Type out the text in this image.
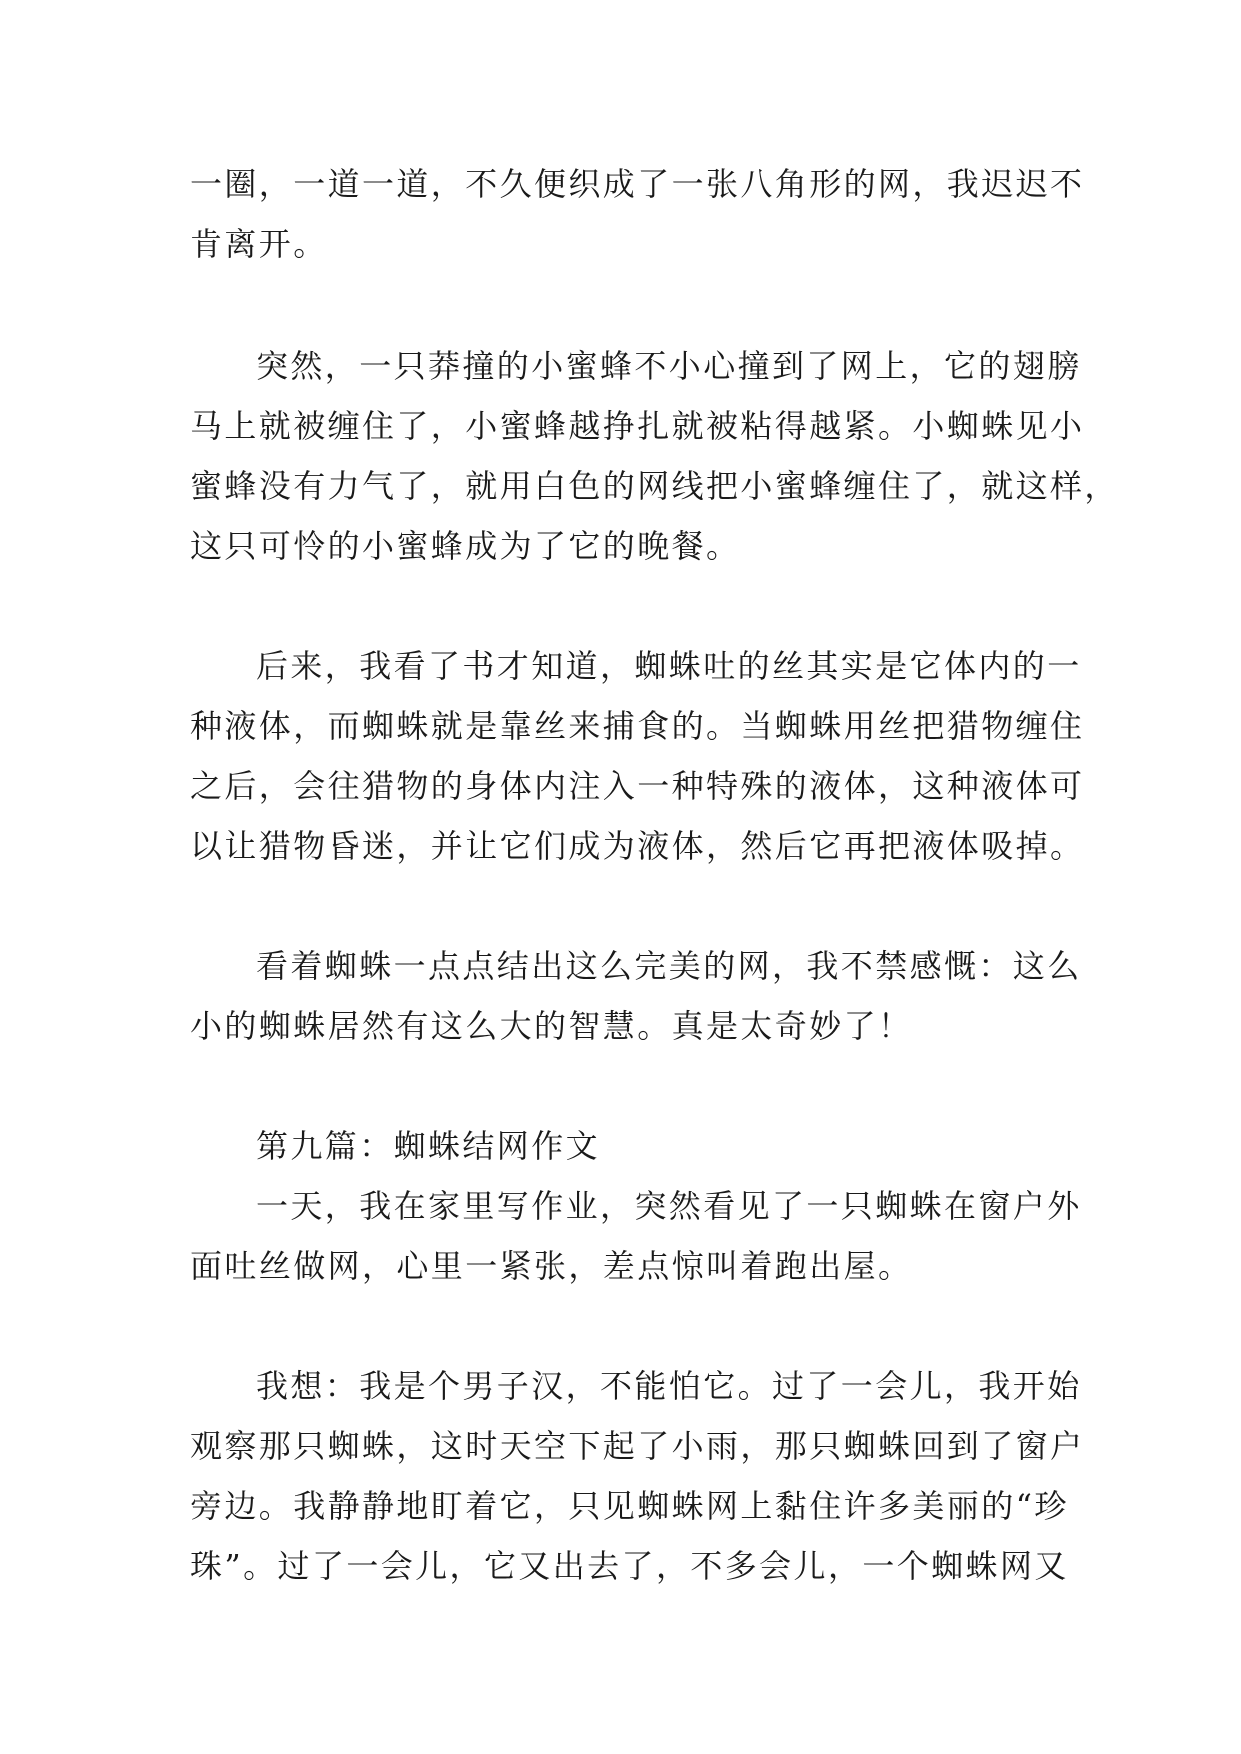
一圈，一道一道，不久便织成了一张八角形的网，我迟迟不
肯离开。
突然，一只莽撞的小蜜蜂不小心撞到了网上，它的翅膀
马上就被缠住了，小蜜蜂越挣扎就被粘得越紧。小蜘蛛见小
蜜蜂没有力气了，就用白色的网线把小蜜蜂缠住了，就这样，
这只可怜的小蜜蜂成为了它的晚餐。
后来，我看了书才知道，蜘蛛吐的丝其实是它体内的一
种液体，而蜘蛛就是靠丝来捕食的。当蜘蛛用丝把猎物缠住
之后，会往猎物的身体内注入一种特殊的液体，这种液体可
以让猎物昏迷，并让它们成为液体，然后它再把液体吸掉。
看着蜘蛛一点点结出这么完美的网，我不禁感慨：这么
小的蜘蛛居然有这么大的智慧。真是太奇妙了！
第九篇：蜘蛛结网作文
一天，我在家里写作业，突然看见了一只蜘蛛在窗户外
面吐丝做网，心里一紧张，差点惊叫着跑出屋。
我想：我是个男子汉，不能怕它。过了一会儿，我开始
观察那只蜘蛛，这时天空下起了小雨，那只蜘蛛回到了窗户
旁边。我静静地盯着它，只见蜘蛛网上黏住许多美丽的“珍
珠”。过了一会儿，它又出去了，不多会儿，一个蜘蛛网又
